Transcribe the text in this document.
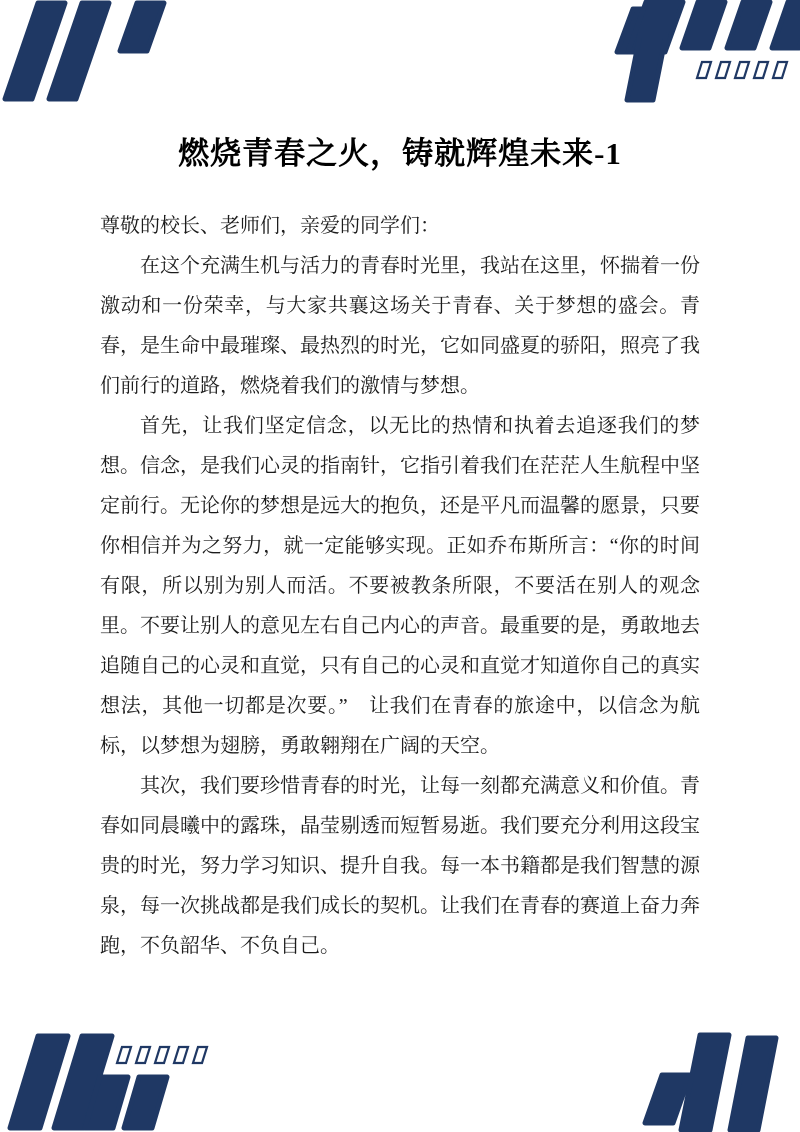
燃烧青春之火，铸就辉煌未来-1

尊敬的校长、老师们，亲爱的同学们：

在这个充满生机与活力的青春时光里，我站在这里，怀揣着一份激动和一份荣幸，与大家共襄这场关于青春、关于梦想的盛会。青春，是生命中最璀璨、最热烈的时光，它如同盛夏的骄阳，照亮了我们前行的道路，燃烧着我们的激情与梦想。

首先，让我们坚定信念，以无比的热情和执着去追逐我们的梦想。信念，是我们心灵的指南针，它指引着我们在茫茫人生航程中坚定前行。无论你的梦想是远大的抱负，还是平凡而温馨的愿景，只要你相信并为之努力，就一定能够实现。正如乔布斯所言：“你的时间有限，所以别为别人而活。不要被教条所限，不要活在别人的观念里。不要让别人的意见左右自己内心的声音。最重要的是，勇敢地去追随自己的心灵和直觉，只有自己的心灵和直觉才知道你自己的真实想法，其他一切都是次要。”　让我们在青春的旅途中，以信念为航标，以梦想为翅膀，勇敢翱翔在广阔的天空。

其次，我们要珍惜青春的时光，让每一刻都充满意义和价值。青春如同晨曦中的露珠，晶莹剔透而短暂易逝。我们要充分利用这段宝贵的时光，努力学习知识、提升自我。每一本书籍都是我们智慧的源泉，每一次挑战都是我们成长的契机。让我们在青春的赛道上奋力奔跑，不负韶华、不负自己。
